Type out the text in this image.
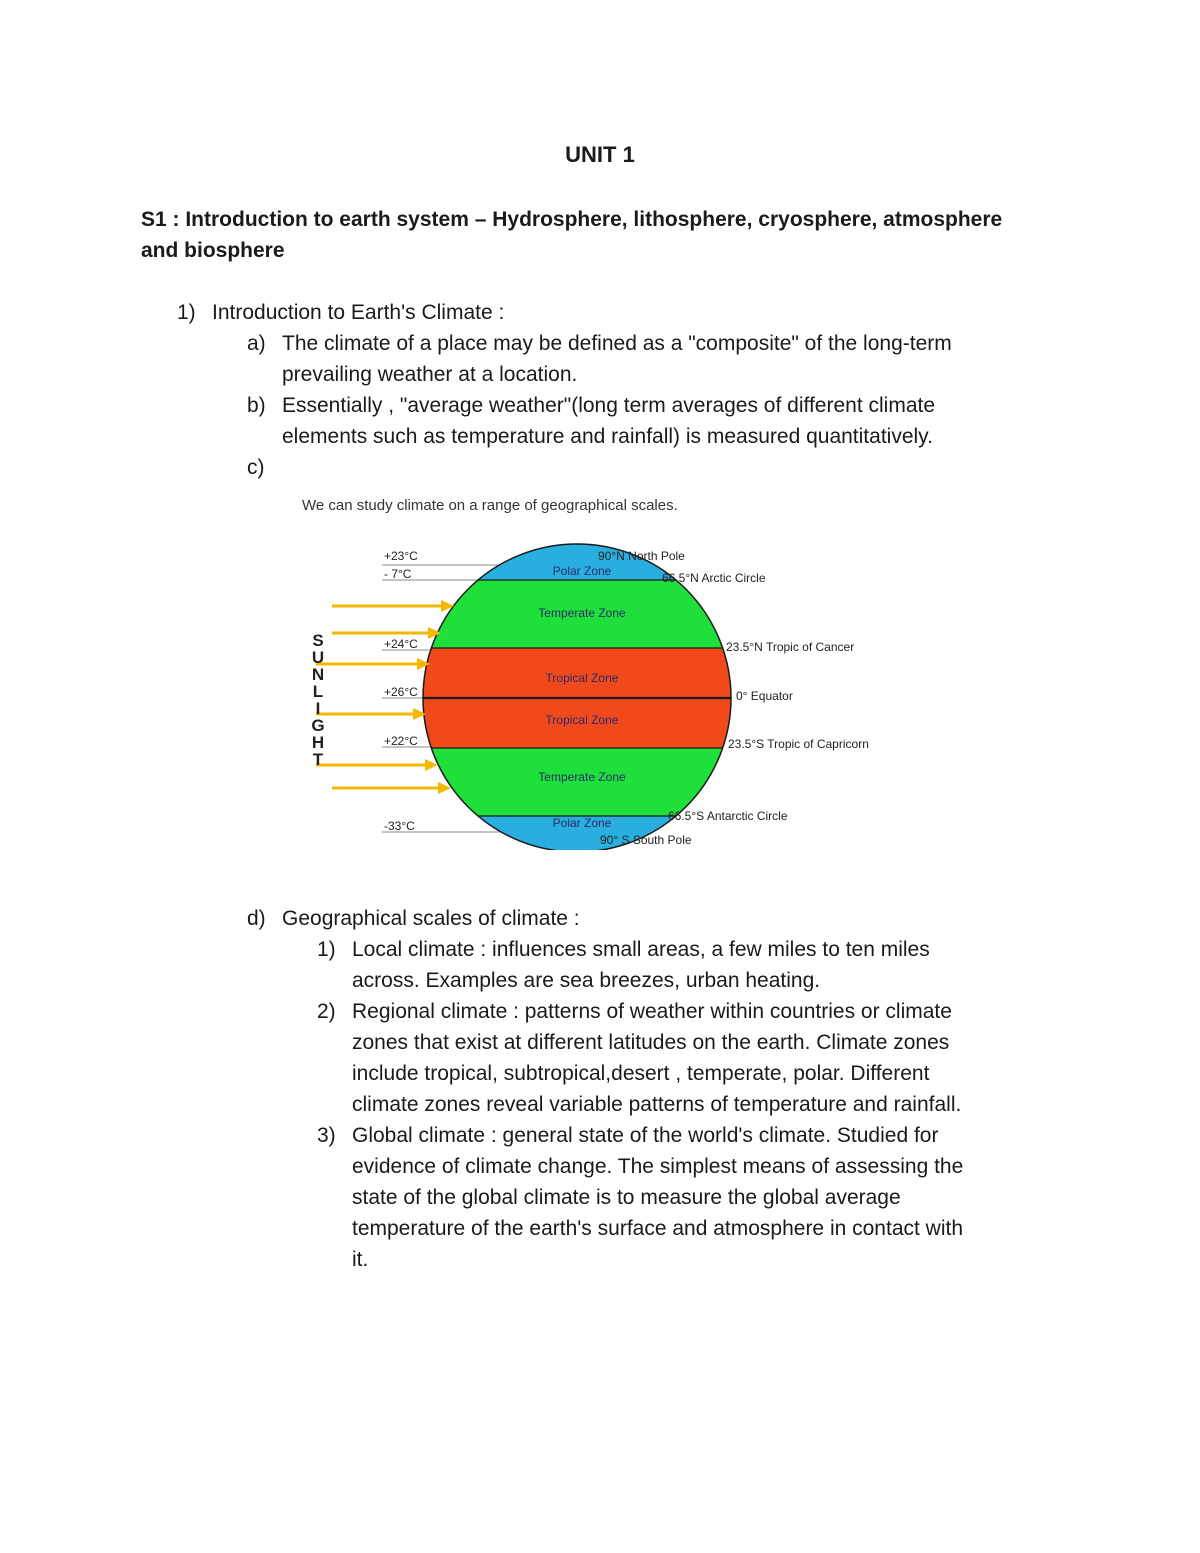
UNIT 1
S1 : Introduction to earth system – Hydrosphere, lithosphere, cryosphere, atmosphere and biosphere
1) Introduction to Earth's Climate :
a) The climate of a place may be defined as a "composite" of the long-term
prevailing weather at a location.
b) Essentially , "average weather"(long term averages of different climate
elements such as temperature and rainfall) is measured quantitatively.
c)
We can study climate on a range of geographical scales.
Polar Zone
Temperate Zone
Tropical Zone
Tropical Zone
Temperate Zone
Polar Zone
+23°C
- 7°C
+24°C
+26°C
+22°C
-33°C
90°N North Pole
66.5°N Arctic Circle
23.5°N Tropic of Cancer
0° Equator
23.5°S Tropic of Capricorn
66.5°S Antarctic Circle
90° S South Pole
S
U
N
L
I
G
H
T
d) Geographical scales of climate :
1) Local climate : influences small areas, a few miles to ten miles
across. Examples are sea breezes, urban heating.
2) Regional climate : patterns of weather within countries or climate
zones that exist at different latitudes on the earth. Climate zones
include tropical, subtropical,desert , temperate, polar. Different
climate zones reveal variable patterns of temperature and rainfall.
3) Global climate : general state of the world's climate. Studied for
evidence of climate change. The simplest means of assessing the
state of the global climate is to measure the global average
temperature of the earth's surface and atmosphere in contact with
it.
